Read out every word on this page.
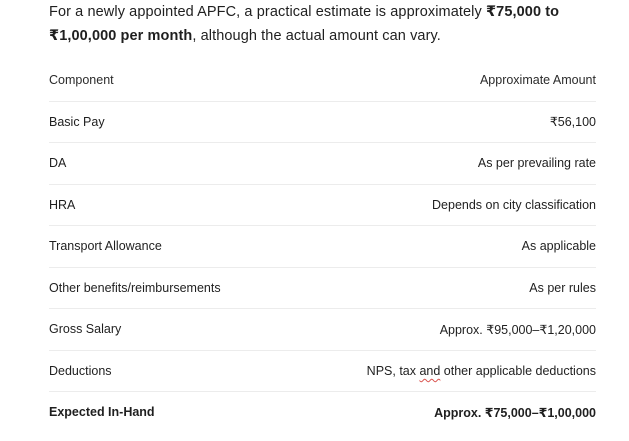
For a newly appointed APFC, a practical estimate is approximately ₹75,000 to ₹1,00,000 per month, although the actual amount can vary.
Component	Approximate Amount
Basic Pay	₹56,100
DA	As per prevailing rate
HRA	Depends on city classification
Transport Allowance	As applicable
Other benefits/reimbursements	As per rules
Gross Salary	Approx. ₹95,000–₹1,20,000
Deductions	NPS, tax and other applicable deductions
Expected In-Hand	Approx. ₹75,000–₹1,00,000
